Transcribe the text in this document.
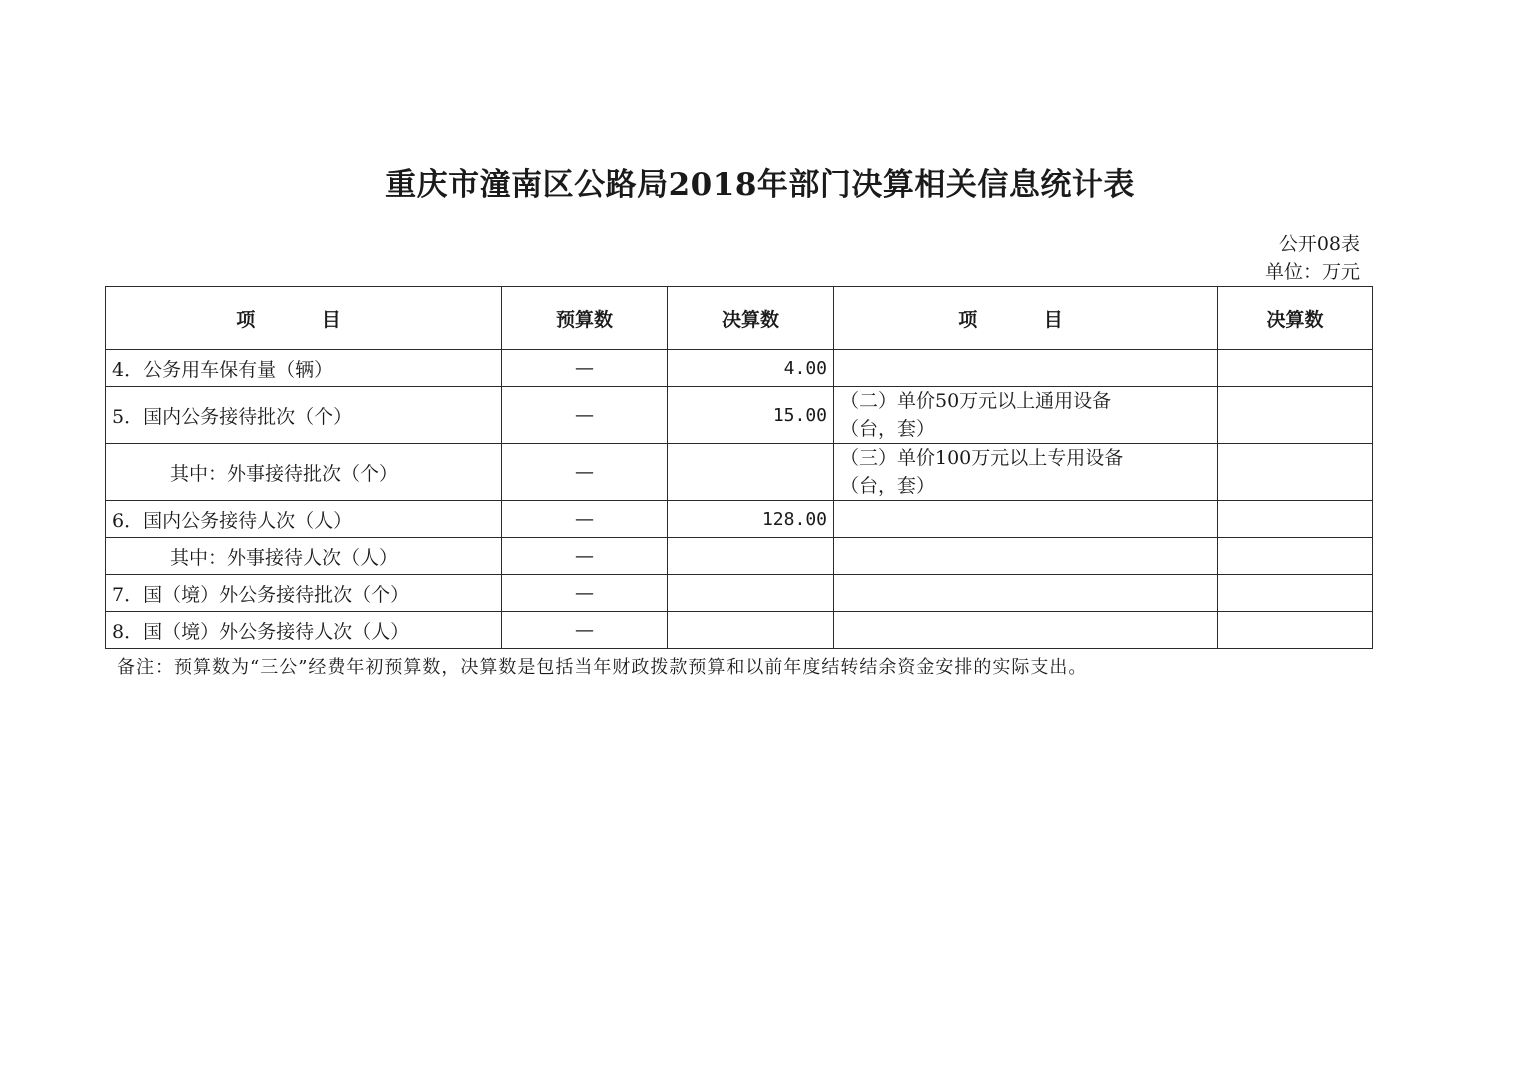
重庆市潼南区公路局2018年部门决算相关信息统计表
公开08表
单位：万元
项 目	预算数	决算数	项 目	决算数
4．公务用车保有量（辆）	—	4.00	

5．国内公务接待批次（个）	—	15.00	（二）单价50万元以上通用设备
（台，套）	

其中：外事接待批次（个）	—		（三）单价100万元以上专用设备
（台，套）	

6．国内公务接待人次（人）	—	128.00	

其中：外事接待人次（人）	—		

7．国（境）外公务接待批次（个）	—		

8．国（境）外公务接待人次（人）	—		

备注：预算数为“三公”经费年初预算数，决算数是包括当年财政拨款预算和以前年度结转结余资金安排的实际支出。
